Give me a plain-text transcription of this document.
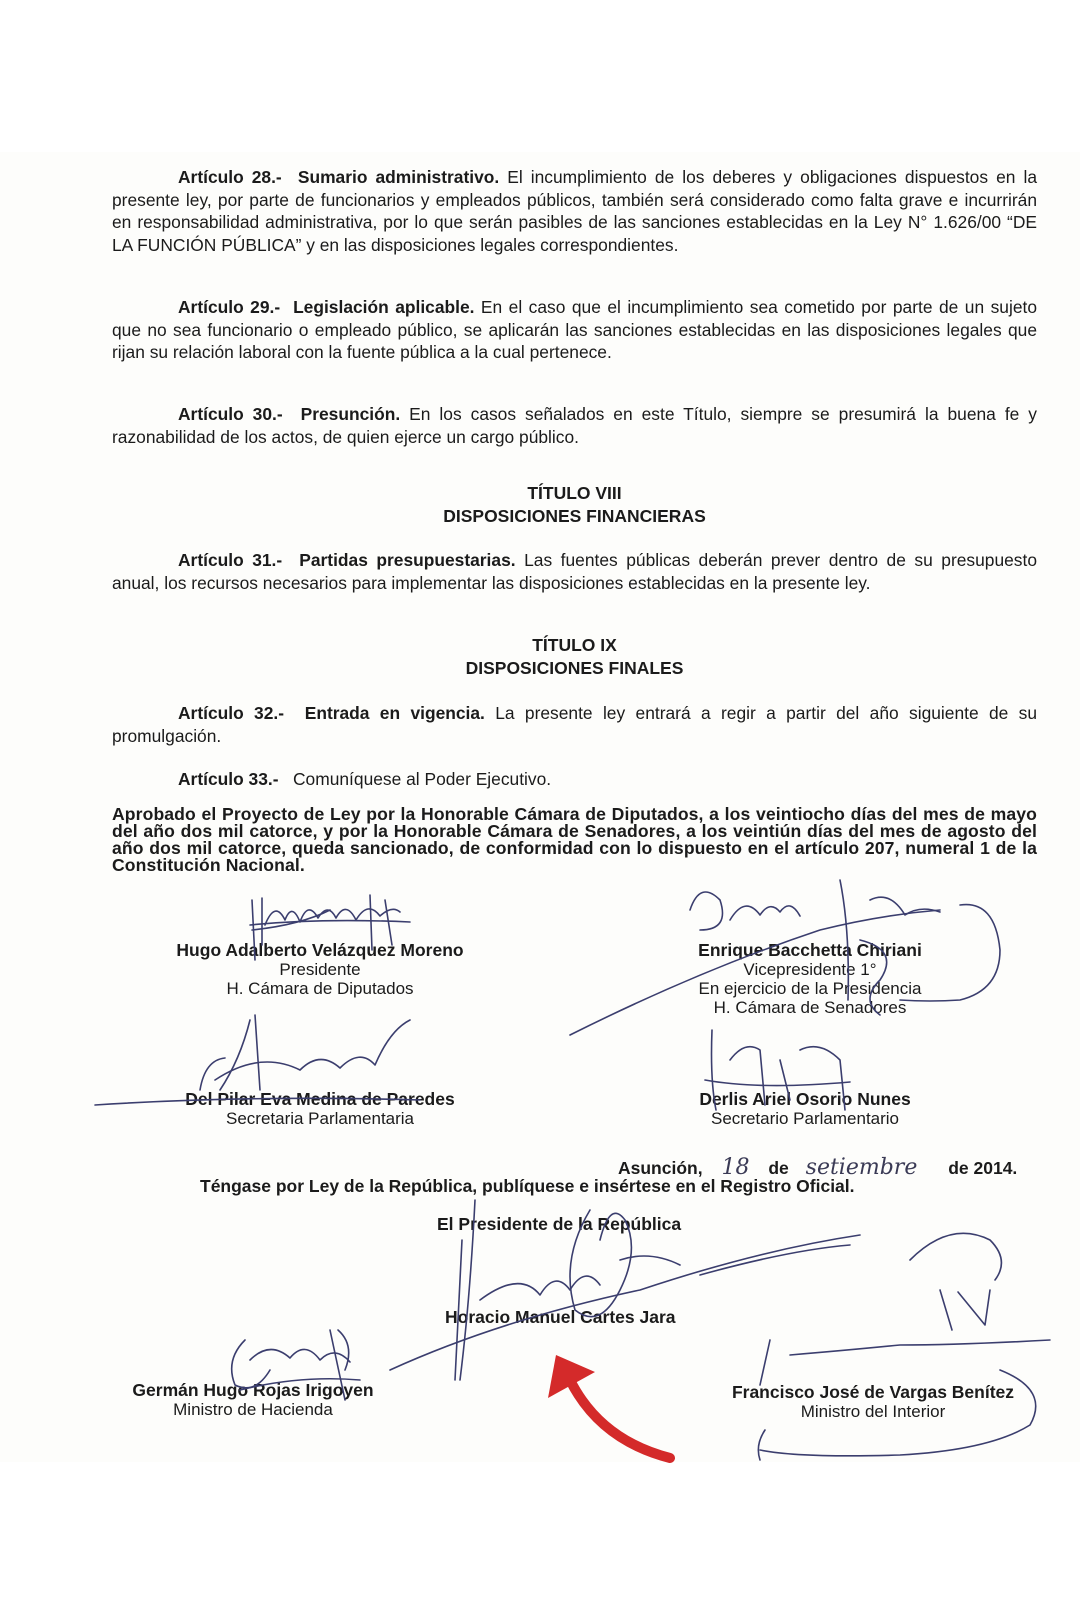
Artículo 28.- Sumario administrativo. El incumplimiento de los deberes y obligaciones dispuestos en la presente ley, por parte de funcionarios y empleados públicos, también será considerado como falta grave e incurrirán en responsabilidad administrativa, por lo que serán pasibles de las sanciones establecidas en la Ley N° 1.626/00 “DE LA FUNCIÓN PÚBLICA” y en las disposiciones legales correspondientes.
Artículo 29.- Legislación aplicable. En el caso que el incumplimiento sea cometido por parte de un sujeto que no sea funcionario o empleado público, se aplicarán las sanciones establecidas en las disposiciones legales que rijan su relación laboral con la fuente pública a la cual pertenece.
Artículo 30.- Presunción. En los casos señalados en este Título, siempre se presumirá la buena fe y razonabilidad de los actos, de quien ejerce un cargo público.
TÍTULO VIII
DISPOSICIONES FINANCIERAS
Artículo 31.- Partidas presupuestarias. Las fuentes públicas deberán prever dentro de su presupuesto anual, los recursos necesarios para implementar las disposiciones establecidas en la presente ley.
TÍTULO IX
DISPOSICIONES FINALES
Artículo 32.- Entrada en vigencia. La presente ley entrará a regir a partir del año siguiente de su promulgación.
Artículo 33.- Comuníquese al Poder Ejecutivo.
Aprobado el Proyecto de Ley por la Honorable Cámara de Diputados, a los veintiocho días del mes de mayo del año dos mil catorce, y por la Honorable Cámara de Senadores, a los veintiún días del mes de agosto del año dos mil catorce, queda sancionado, de conformidad con lo dispuesto en el artículo 207, numeral 1 de la Constitución Nacional.
Hugo Adalberto Velázquez Moreno
Presidente
H. Cámara de Diputados
Enrique Bacchetta Chiriani
Vicepresidente 1°
En ejercicio de la Presidencia
H. Cámara de Senadores
Del Pilar Eva Medina de Paredes
Secretaria Parlamentaria
Derlis Ariel Osorio Nunes
Secretario Parlamentario
Asunción, 18 de setiembre de 2014.
Téngase por Ley de la República, publíquese e insértese en el Registro Oficial.
El Presidente de la República
Horacio Manuel Cartes Jara
Germán Hugo Rojas Irigoyen
Ministro de Hacienda
Francisco José de Vargas Benítez
Ministro del Interior
